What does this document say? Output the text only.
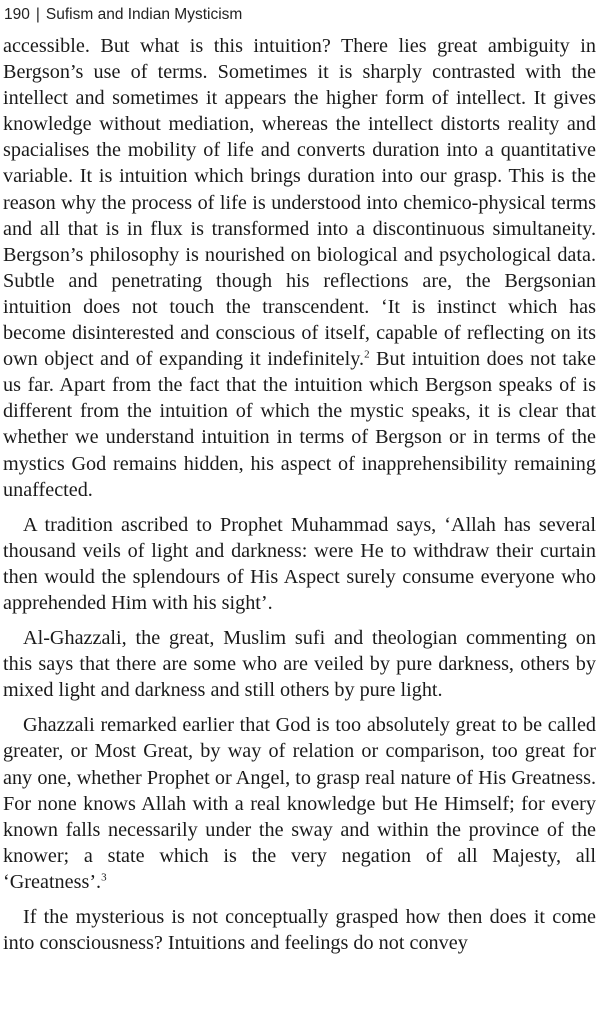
190 | Sufism and Indian Mysticism

accessible. But what is this intuition? There lies great ambiguity in Bergson’s use of terms. Sometimes it is sharply contrasted with the intellect and sometimes it appears the higher form of intellect. It gives knowledge without mediation, whereas the intellect distorts reality and spacialises the mobility of life and converts duration into a quantitative variable. It is intuition which brings duration into our grasp. This is the reason why the process of life is understood into chemico-physical terms and all that is in flux is transformed into a discontinuous simultaneity. Bergson’s philosophy is nourished on biological and psychological data. Subtle and penetrating though his reflections are, the Bergsonian intuition does not touch the transcendent. ‘It is instinct which has become disinterested and conscious of itself, capable of reflecting on its own object and of expanding it indefinitely.$^2$ But intuition does not take us far. Apart from the fact that the intuition which Bergson speaks of is different from the intuition of which the mystic speaks, it is clear that whether we understand intuition in terms of Bergson or in terms of the mystics God remains hidden, his aspect of inapprehensibility remaining unaffected.

A tradition ascribed to Prophet Muhammad says, ‘Allah has several thousand veils of light and darkness: were He to withdraw their curtain then would the splendours of His Aspect surely consume everyone who apprehended Him with his sight’.

Al-Ghazzali, the great, Muslim sufi and theologian commenting on this says that there are some who are veiled by pure darkness, others by mixed light and darkness and still others by pure light.

Ghazzali remarked earlier that God is too absolutely great to be called greater, or Most Great, by way of relation or comparison, too great for any one, whether Prophet or Angel, to grasp real nature of His Greatness. For none knows Allah with a real knowledge but He Himself; for every known falls necessarily under the sway and within the province of the knower; a state which is the very negation of all Majesty, all ‘Greatness’.$^3$

If the mysterious is not conceptually grasped how then does it come into consciousness? Intuitions and feelings do not convey
